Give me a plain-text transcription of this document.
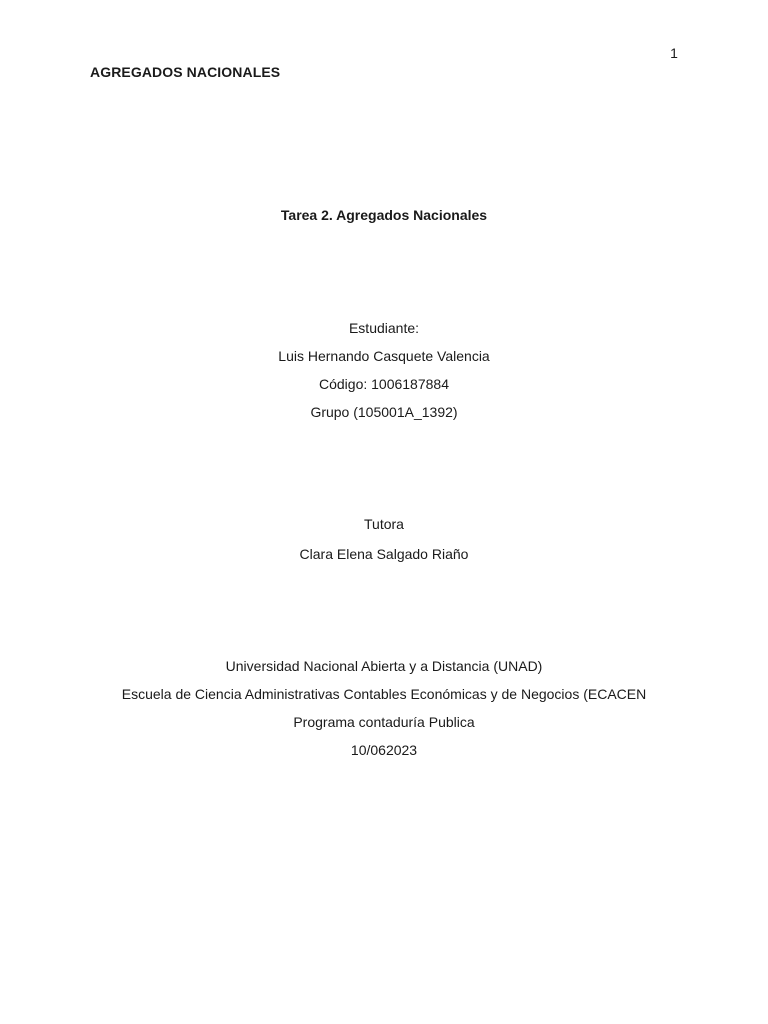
1
AGREGADOS NACIONALES
Tarea 2. Agregados Nacionales
Estudiante:
Luis Hernando Casquete Valencia
Código: 1006187884
Grupo (105001A_1392)
Tutora
Clara Elena Salgado Riaño
Universidad Nacional Abierta y a Distancia (UNAD)
Escuela de Ciencia Administrativas Contables Económicas y de Negocios (ECACEN
Programa contaduría Publica
10/062023
